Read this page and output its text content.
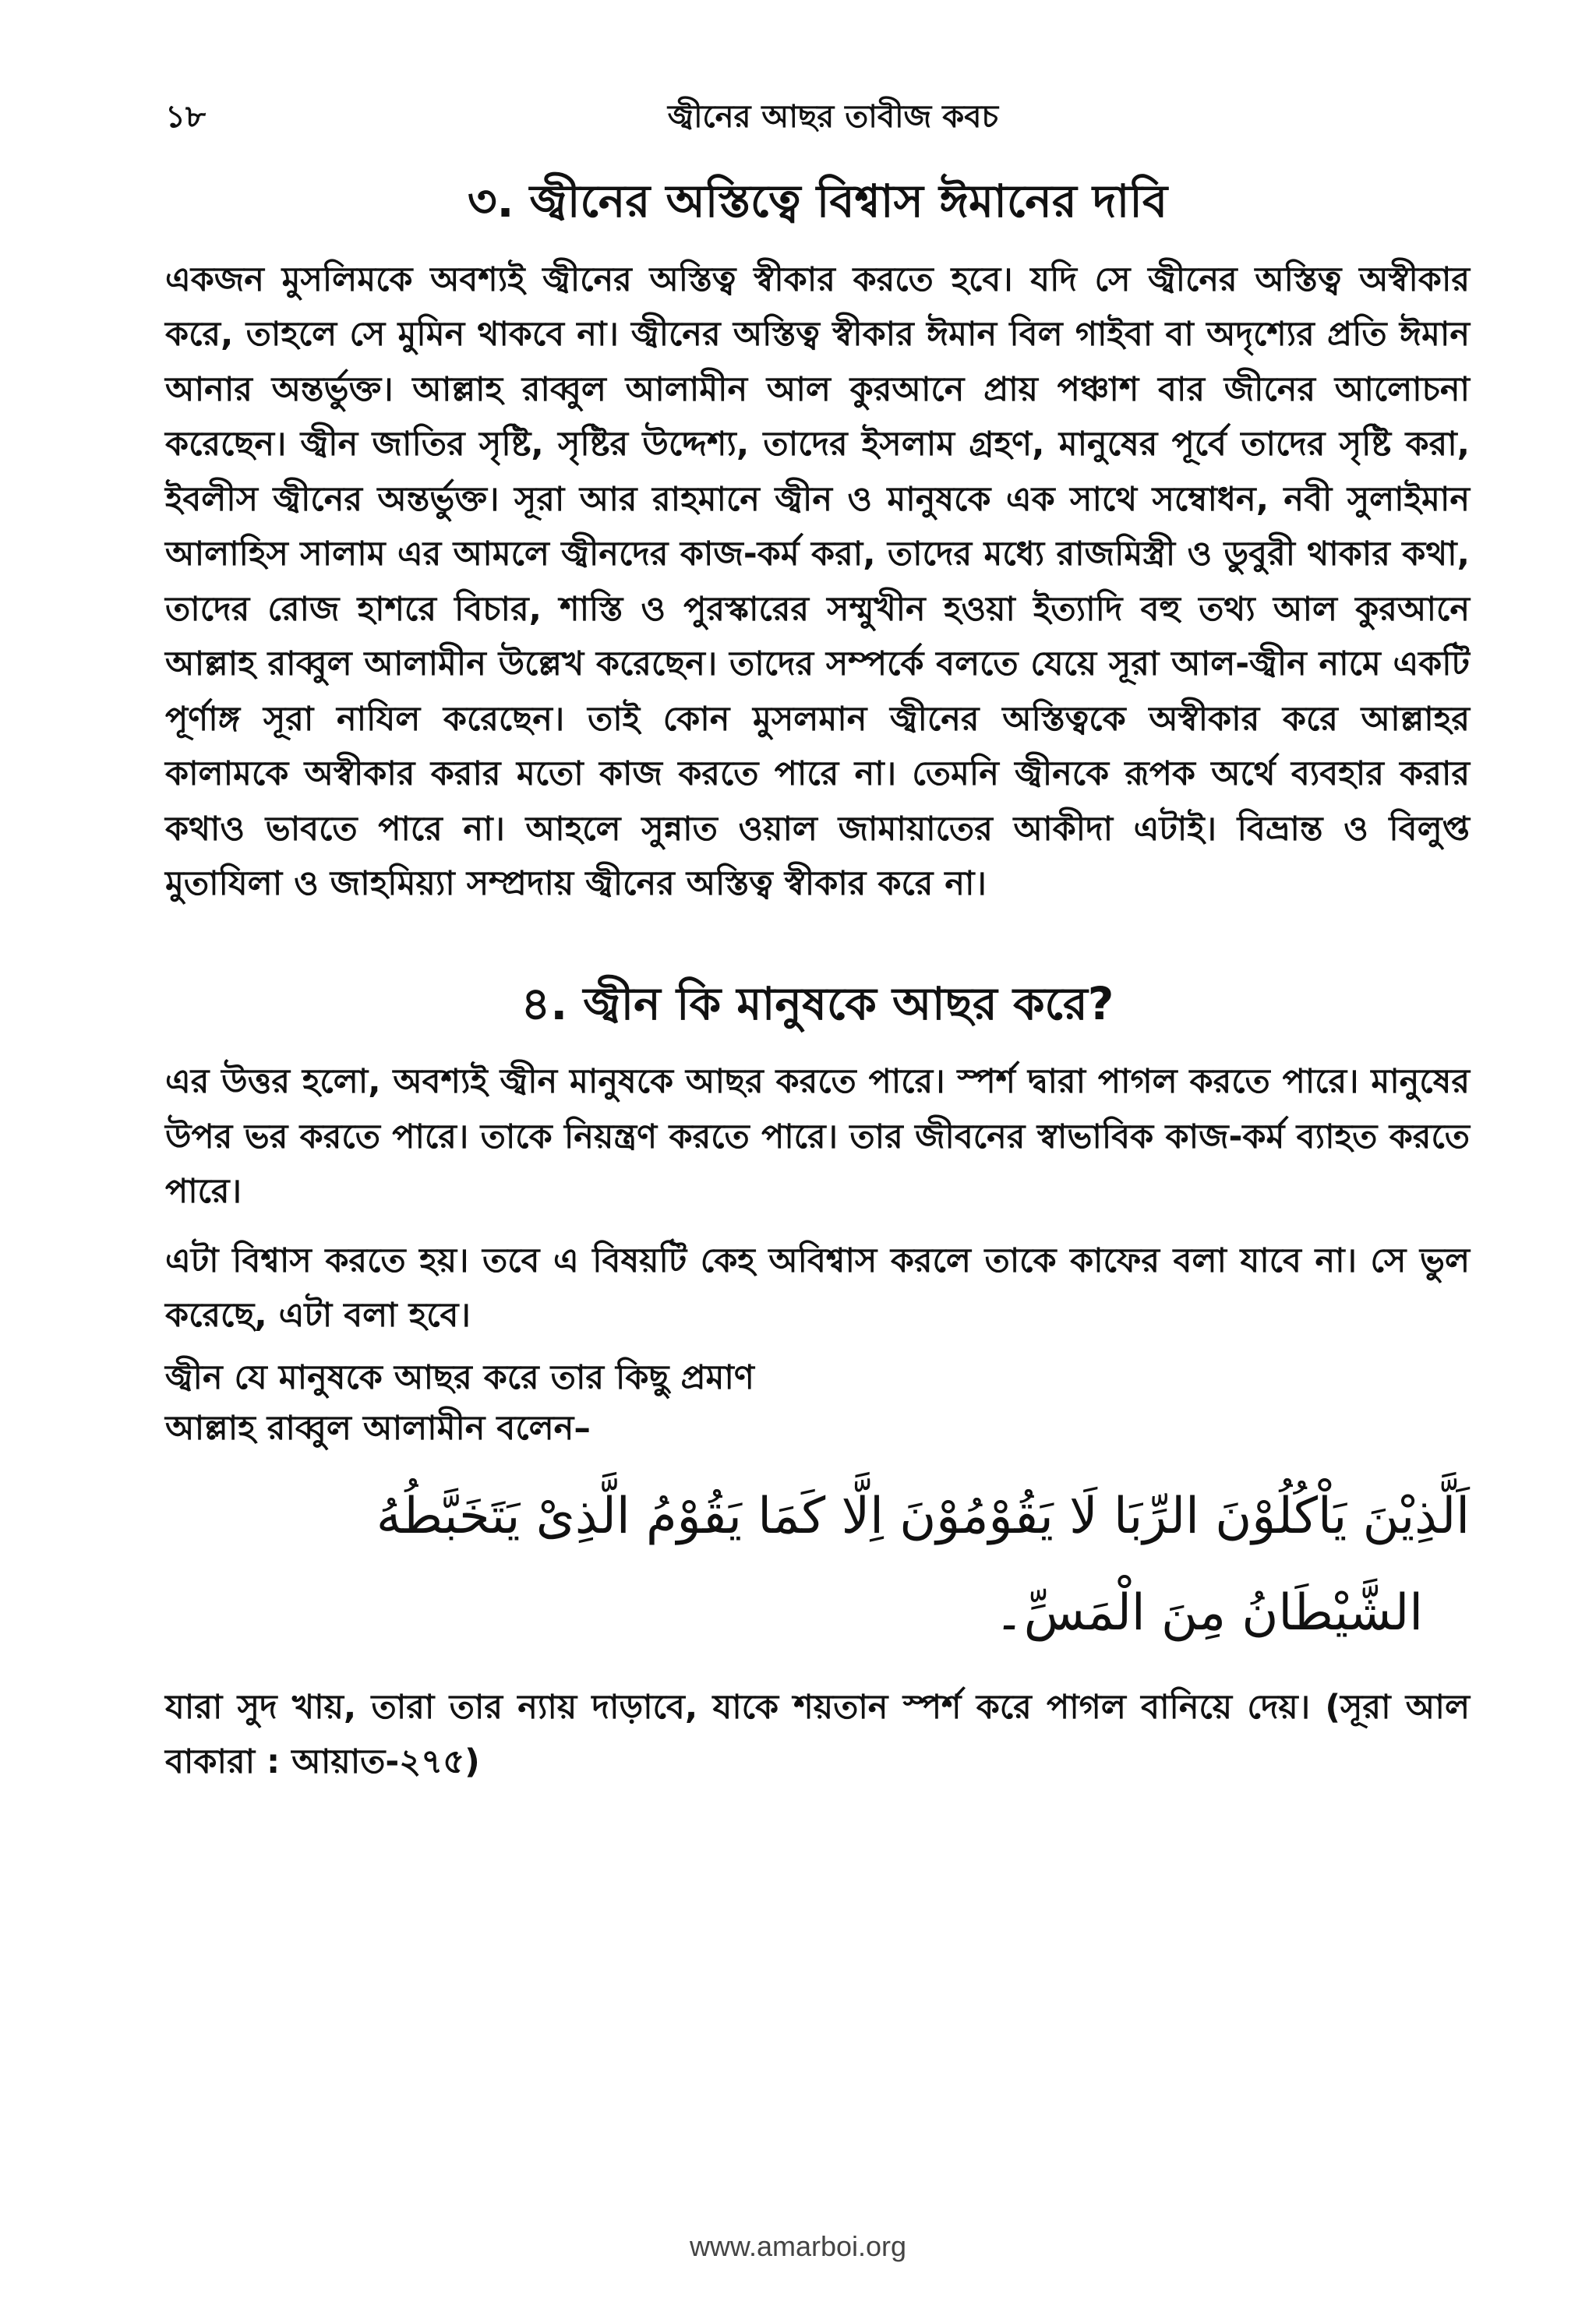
১৮	জ্বীনের আছর তাবীজ কবচ
৩. জ্বীনের অস্তিত্বে বিশ্বাস ঈমানের দাবি

একজন মুসলিমকে অবশ্যই জ্বীনের অস্তিত্ব স্বীকার করতে হবে। যদি সে জ্বীনের অস্তিত্ব অস্বীকার করে, তাহলে সে মুমিন থাকবে না। জ্বীনের অস্তিত্ব স্বীকার ঈমান বিল গাইবা বা অদৃশ্যের প্রতি ঈমান আনার অন্তর্ভুক্ত। আল্লাহ রাব্বুল আলামীন আল কুরআনে প্রায় পঞ্চাশ বার জীনের আলোচনা করেছেন। জ্বীন জাতির সৃষ্টি, সৃষ্টির উদ্দেশ্য, তাদের ইসলাম গ্রহণ, মানুষের পূর্বে তাদের সৃষ্টি করা, ইবলীস জ্বীনের অন্তর্ভুক্ত। সূরা আর রাহমানে জ্বীন ও মানুষকে এক সাথে সম্বোধন, নবী সুলাইমান আলাহিস সালাম এর আমলে জ্বীনদের কাজ-কর্ম করা, তাদের মধ্যে রাজমিস্ত্রী ও ডুবুরী থাকার কথা, তাদের রোজ হাশরে বিচার, শাস্তি ও পুরস্কারের সম্মুখীন হওয়া ইত্যাদি বহু তথ্য আল কুরআনে আল্লাহ রাব্বুল আলামীন উল্লেখ করেছেন। তাদের সম্পর্কে বলতে যেয়ে সূরা আল-জ্বীন নামে একটি পূর্ণাঙ্গ সূরা নাযিল করেছেন। তাই কোন মুসলমান জ্বীনের অস্তিত্বকে অস্বীকার করে আল্লাহর কালামকে অস্বীকার করার মতো কাজ করতে পারে না। তেমনি জ্বীনকে রূপক অর্থে ব্যবহার করার কথাও ভাবতে পারে না। আহলে সুন্নাত ওয়াল জামায়াতের আকীদা এটাই। বিভ্রান্ত ও বিলুপ্ত মুতাযিলা ও জাহমিয়্যা সম্প্রদায় জ্বীনের অস্তিত্ব স্বীকার করে না।

৪. জ্বীন কি মানুষকে আছর করে?

এর উত্তর হলো, অবশ্যই জ্বীন মানুষকে আছর করতে পারে। স্পর্শ দ্বারা পাগল করতে পারে। মানুষের উপর ভর করতে পারে। তাকে নিয়ন্ত্রণ করতে পারে। তার জীবনের স্বাভাবিক কাজ-কর্ম ব্যাহত করতে পারে।

এটা বিশ্বাস করতে হয়। তবে এ বিষয়টি কেহ অবিশ্বাস করলে তাকে কাফের বলা যাবে না। সে ভুল করেছে, এটা বলা হবে।

জ্বীন যে মানুষকে আছর করে তার কিছু প্রমাণ
আল্লাহ রাব্বুল আলামীন বলেন–
اَلَّذِيْنَ يَاْكُلُوْنَ الرِّبَا لَا يَقُوْمُوْنَ اِلَّا كَمَا يَقُوْمُ الَّذِىْ يَتَخَبَّطُهُ
الشَّيْطَانُ مِنَ الْمَسِّ۔

যারা সুদ খায়, তারা তার ন্যায় দাড়াবে, যাকে শয়তান স্পর্শ করে পাগল বানিয়ে দেয়। (সূরা আল বাকারা : আয়াত-২৭৫)

www.amarboi.org
